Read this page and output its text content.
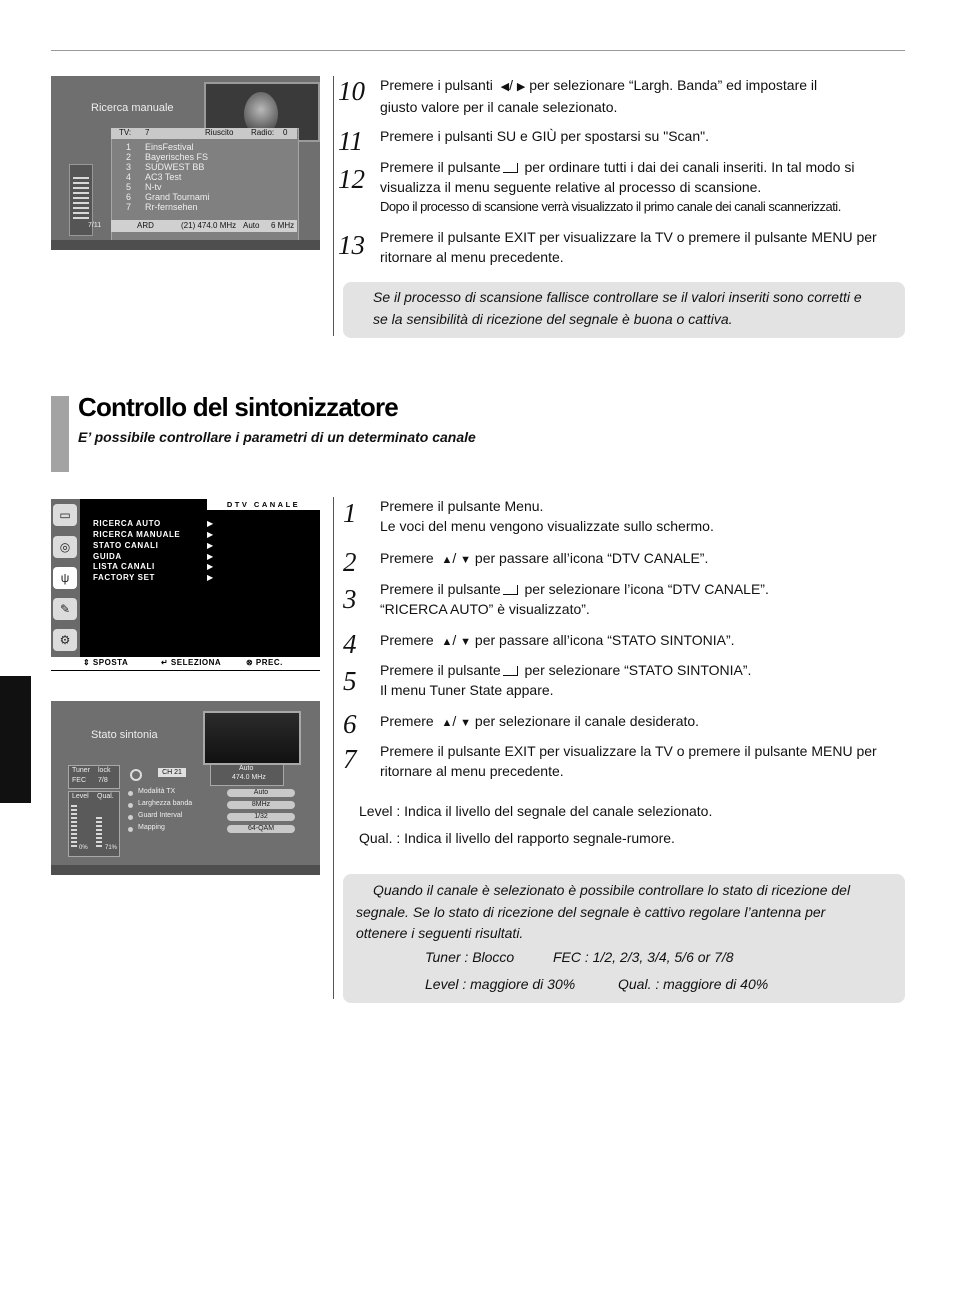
Ricerca manuale
TV: 7	Riuscito Radio: 0
1 EinsFestival
2 Bayerisches FS
3 SUDWEST BB
4 AC3 Test
5 N-tv
6 Grand Tournami
7 Rr-fernsehen
ARD	(21) 474.0 MHz Auto 6 MHz
7/11
10 Premere i pulsanti ◀/ ▶ per selezionare “Largh. Banda” ed impostare il
giusto valore per il canale selezionato.
11 Premere i pulsanti SU e GIÙ per spostarsi su "Scan".
12 Premere il pulsante per ordinare tutti i dai dei canali inseriti. In tal modo si
visualizza il menu seguente relative al processo di scansione.
Dopo il processo di scansione verrà visualizzato il primo canale dei canali scannerizzati.
13 Premere il pulsante EXIT per visualizzare la TV o premere il pulsante MENU per
ritornare al menu precedente.
Se il processo di scansione fallisce controllare se il valori inseriti sono corretti e
se la sensibilità di ricezione del segnale è buona o cattiva.
Controllo del sintonizzatore
E’ possibile controllare i parametri di un determinato canale
DTV CANALE
▭
◎
ψ
✎
⚙
RICERCA AUTO
RICERCA MANUALE
STATO CANALI
GUIDA
LISTA CANALI
FACTORY SET
▶
▶
▶
▶
▶
▶
⇕ SPOSTA	↵ SELEZIONA	⊗ PREC.
Stato sintonia
Tuner lock
FEC 7/8
Level Qual.
0%	71%
CH 21
Auto
474.0 MHz
Modalità TX	Auto
Larghezza banda	8MHz
Guard Interval	1/32
Mapping	64-QAM
1 Premere il pulsante Menu.
Le voci del menu vengono visualizzate sullo schermo.
2 Premere ▲/ ▼ per passare all’icona “DTV CANALE”.
3 Premere il pulsante per selezionare l’icona “DTV CANALE”.
“RICERCA AUTO” è visualizzato”.
4 Premere ▲/ ▼ per passare all’icona “STATO SINTONIA”.
5 Premere il pulsante per selezionare “STATO SINTONIA”.
Il menu Tuner State appare.
6 Premere ▲/ ▼ per selezionare il canale desiderato.
7 Premere il pulsante EXIT per visualizzare la TV o premere il pulsante MENU per
ritornare al menu precedente.
Level : Indica il livello del segnale del canale selezionato.
Qual. : Indica il livello del rapporto segnale-rumore.
Quando il canale è selezionato è possibile controllare lo stato di ricezione del
segnale. Se lo stato di ricezione del segnale è cattivo regolare l’antenna per
ottenere i seguenti risultati.
Tuner : Blocco	FEC : 1/2, 2/3, 3/4, 5/6 or 7/8
Level : maggiore di 30%	Qual. : maggiore di 40%
